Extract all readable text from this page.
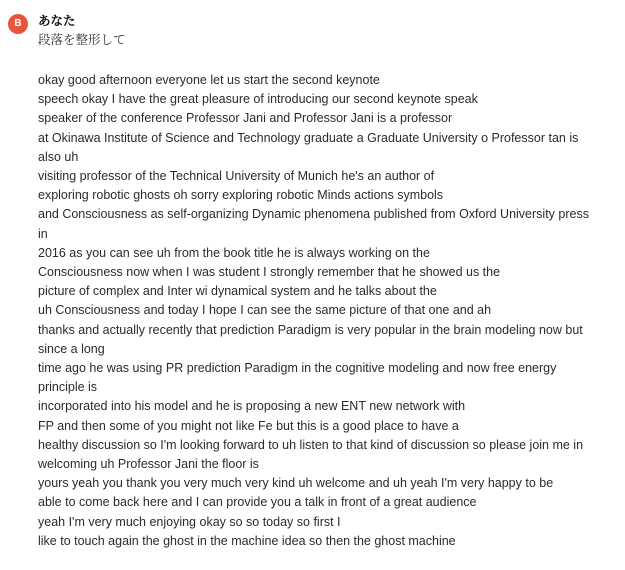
B	あなた
段落を整形して
okay good afternoon everyone let us start the second keynote
speech okay I have the great pleasure of introducing our second keynote speak
speaker of the conference Professor Jani and Professor Jani is a professor
at Okinawa Institute of Science and Technology graduate a Graduate University o Professor tan is also uh
visiting professor of the Technical University of Munich he's an author of
exploring robotic ghosts oh sorry exploring robotic Minds actions symbols
and Consciousness as self-organizing Dynamic phenomena published from Oxford University press in
2016 as you can see uh from the book title he is always working on the
Consciousness now when I was student I strongly remember that he showed us the
picture of complex and Inter wi dynamical system and he talks about the
uh Consciousness and today I hope I can see the same picture of that one and ah
thanks and actually recently that prediction Paradigm is very popular in the brain modeling now but since a long
time ago he was using PR prediction Paradigm in the cognitive modeling and now free energy principle is
incorporated into his model and he is proposing a new ENT new network with
FP and then some of you might not like Fe but this is a good place to have a
healthy discussion so I'm looking forward to uh listen to that kind of discussion so please join me in
welcoming uh Professor Jani the floor is
yours yeah you thank you very much very kind uh welcome and uh yeah I'm very happy to be
able to come back here and I can provide you a talk in front of a great audience
yeah I'm very much enjoying okay so so today so first I
like to touch again the ghost in the machine idea so then the ghost machine
